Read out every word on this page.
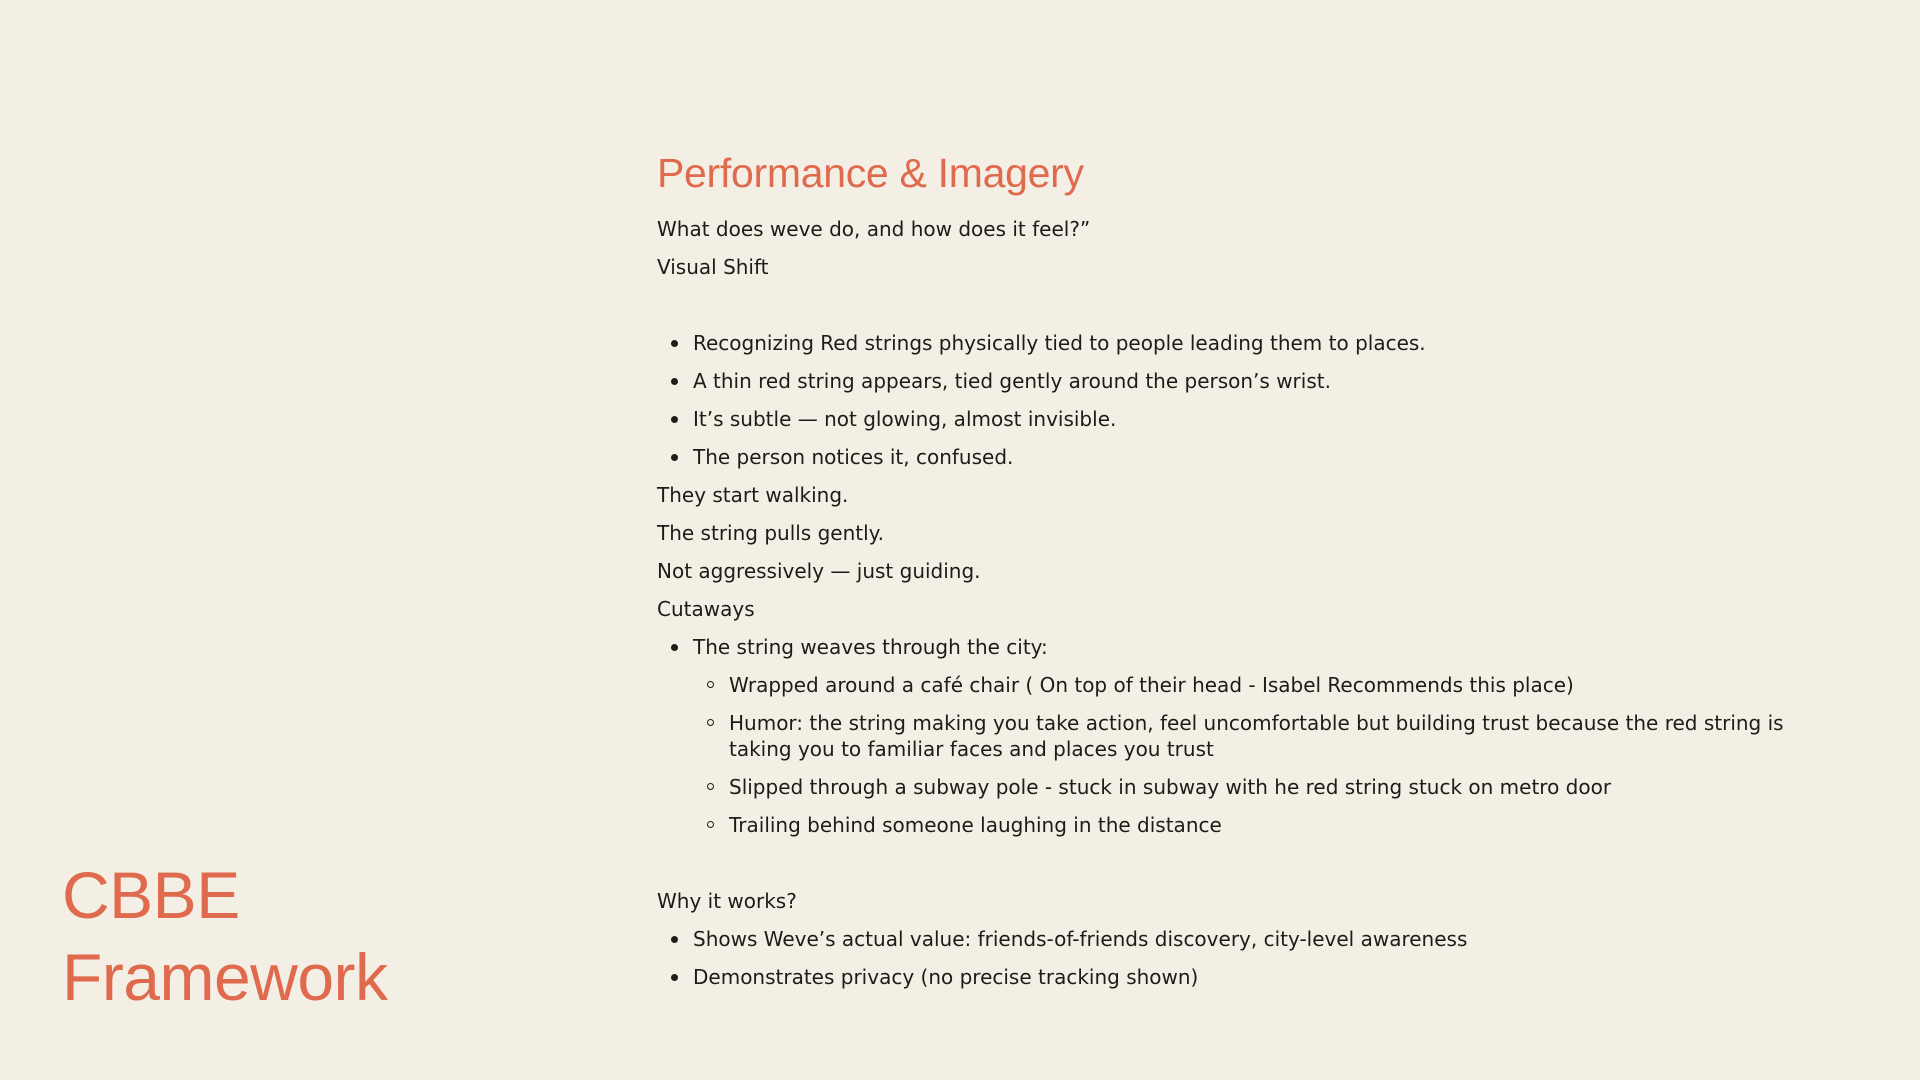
CBBE
Framework
Performance & Imagery

What does weve do, and how does it feel?”

Visual Shift

Recognizing Red strings physically tied to people leading them to places.
A thin red string appears, tied gently around the person’s wrist.
It’s subtle — not glowing, almost invisible.
The person notices it, confused.

They start walking.

The string pulls gently.

Not aggressively — just guiding.

Cutaways

The string weaves through the city:
Wrapped around a café chair ( On top of their head - Isabel Recommends this place)
Humor: the string making you take action, feel uncomfortable but building trust because the red string is taking you to familiar faces and places you trust
Slipped through a subway pole - stuck in subway with he red string stuck on metro door
Trailing behind someone laughing in the distance

Why it works?

Shows Weve’s actual value: friends-of-friends discovery, city-level awareness
Demonstrates privacy (no precise tracking shown)
